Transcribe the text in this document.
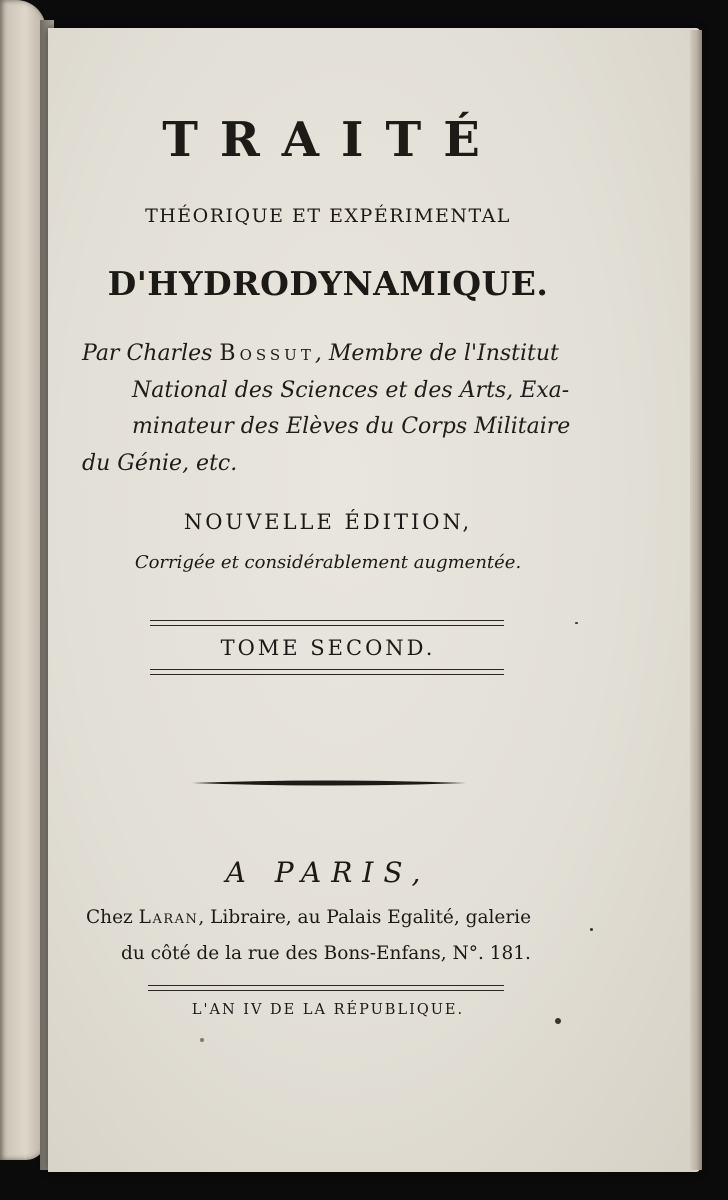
TRAITÉ
THÉORIQUE ET EXPÉRIMENTAL
D'HYDRODYNAMIQUE.
Par Charles Bossut, Membre de l'Institut
National des Sciences et des Arts, Exa-
minateur des Elèves du Corps Militaire
du Génie, etc.
NOUVELLE ÉDITION,
Corrigée et considérablement augmentée.
TOME SECOND.
A PARIS,
Chez Laran, Libraire, au Palais Egalité, galerie
du côté de la rue des Bons-Enfans, N°. 181.
L'AN IV DE LA RÉPUBLIQUE.
